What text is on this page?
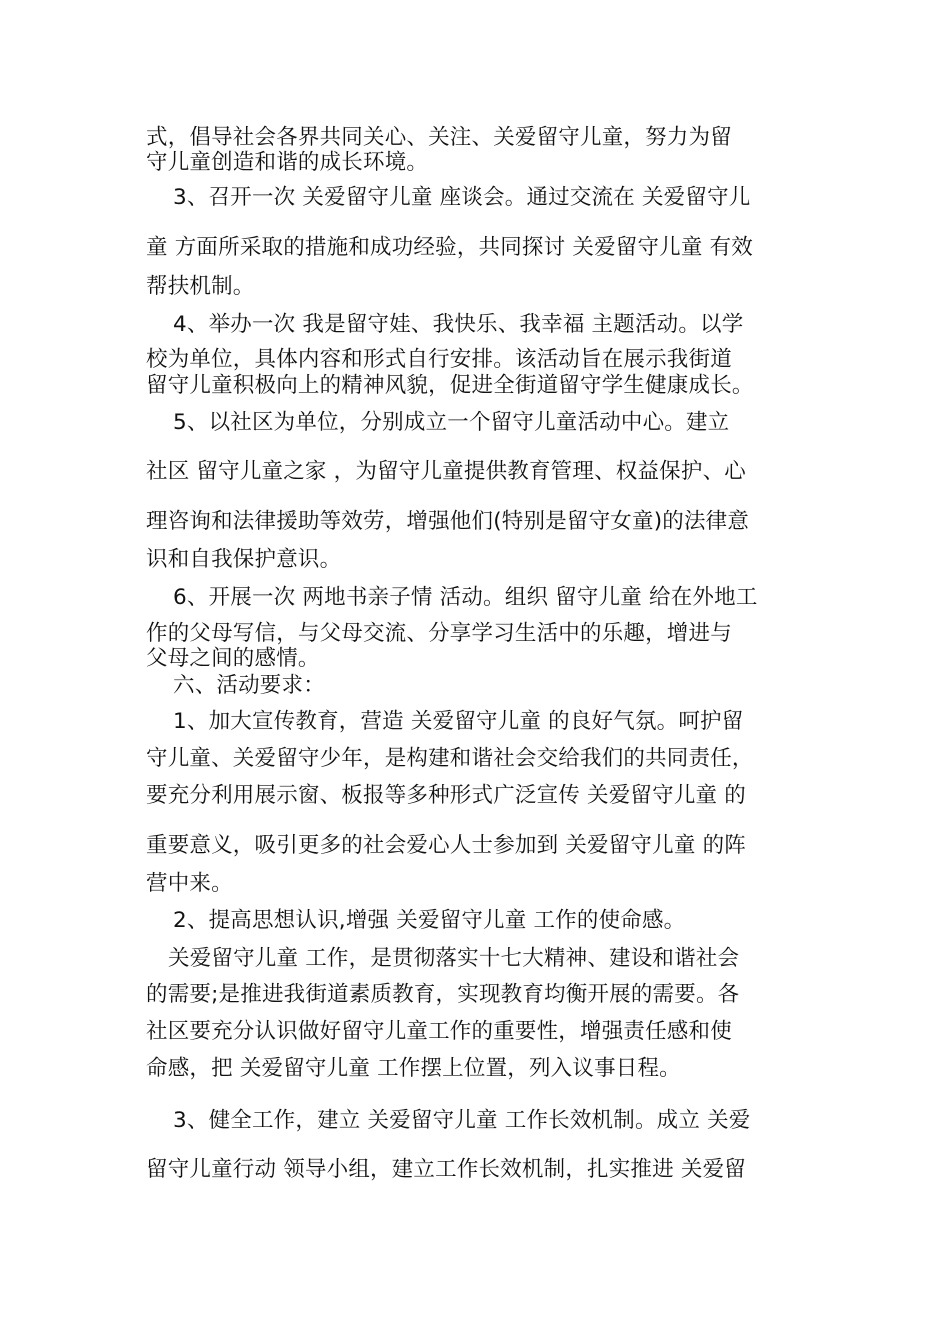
式，倡导社会各界共同关心、关注、关爱留守儿童，努力为留
守儿童创造和谐的成长环境。
3、召开一次 关爱留守儿童 座谈会。通过交流在 关爱留守儿
童 方面所采取的措施和成功经验，共同探讨 关爱留守儿童 有效
帮扶机制。
4、举办一次 我是留守娃、我快乐、我幸福 主题活动。以学
校为单位，具体内容和形式自行安排。该活动旨在展示我街道
留守儿童积极向上的精神风貌，促进全街道留守学生健康成长。
5、以社区为单位，分别成立一个留守儿童活动中心。建立
社区 留守儿童之家 ，为留守儿童提供教育管理、权益保护、心
理咨询和法律援助等效劳，增强他们(特别是留守女童)的法律意
识和自我保护意识。
6、开展一次 两地书亲子情 活动。组织 留守儿童 给在外地工
作的父母写信，与父母交流、分享学习生活中的乐趣，增进与
父母之间的感情。
六、活动要求：
1、加大宣传教育，营造 关爱留守儿童 的良好气氛。呵护留
守儿童、关爱留守少年，是构建和谐社会交给我们的共同责任，
要充分利用展示窗、板报等多种形式广泛宣传 关爱留守儿童 的
重要意义，吸引更多的社会爱心人士参加到 关爱留守儿童 的阵
营中来。
2、提高思想认识,增强 关爱留守儿童 工作的使命感。
关爱留守儿童 工作，是贯彻落实十七大精神、建设和谐社会
的需要;是推进我街道素质教育，实现教育均衡开展的需要。各
社区要充分认识做好留守儿童工作的重要性，增强责任感和使
命感，把 关爱留守儿童 工作摆上位置，列入议事日程。
3、健全工作，建立 关爱留守儿童 工作长效机制。成立 关爱
留守儿童行动 领导小组，建立工作长效机制，扎实推进 关爱留
